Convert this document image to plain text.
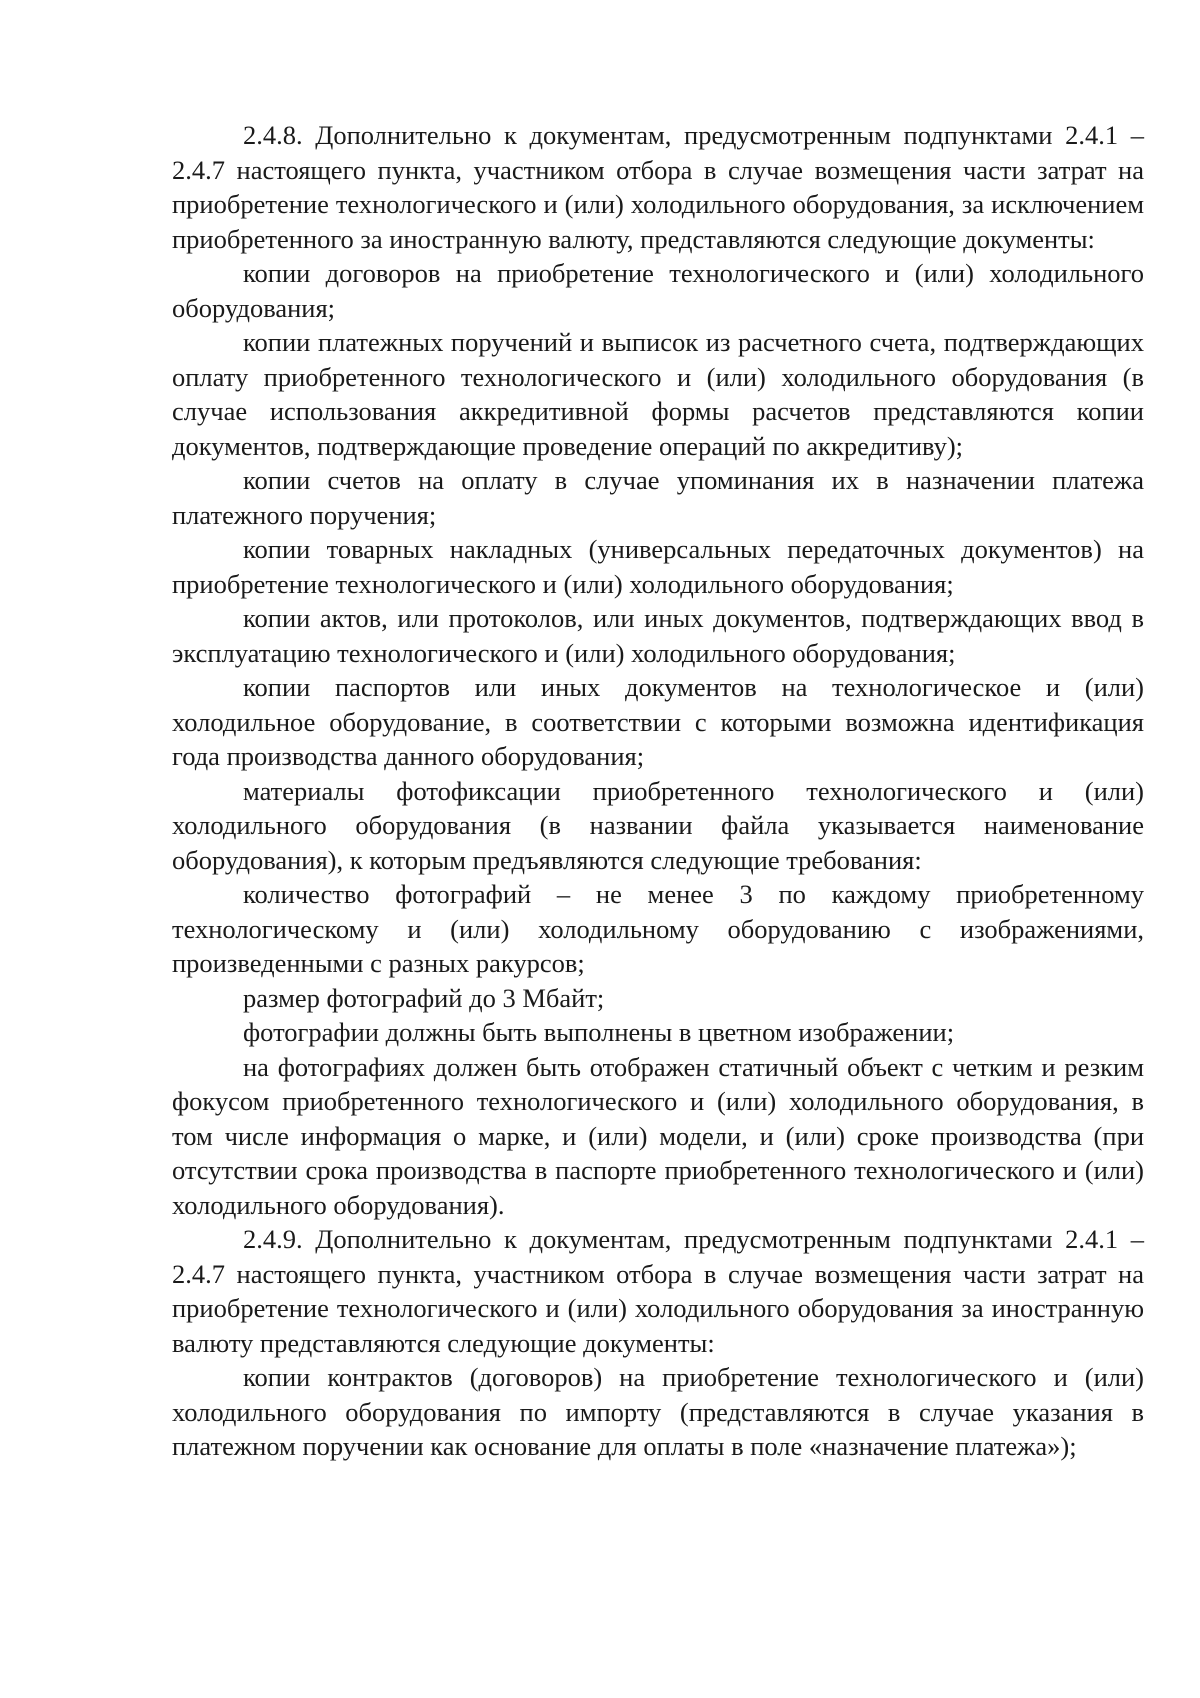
2.4.8. Дополнительно к документам, предусмотренным подпунктами 2.4.1 – 2.4.7 настоящего пункта, участником отбора в случае возмещения части затрат на приобретение технологического и (или) холодильного оборудования, за исключением приобретенного за иностранную валюту, представляются следующие документы:

копии договоров на приобретение технологического и (или) холодильного оборудования;

копии платежных поручений и выписок из расчетного счета, подтверждающих оплату приобретенного технологического и (или) холодильного оборудования (в случае использования аккредитивной формы расчетов представляются копии документов, подтверждающие проведение операций по аккредитиву);

копии счетов на оплату в случае упоминания их в назначении платежа платежного поручения;

копии товарных накладных (универсальных передаточных документов) на приобретение технологического и (или) холодильного оборудования;

копии актов, или протоколов, или иных документов, подтверждающих ввод в эксплуатацию технологического и (или) холодильного оборудования;

копии паспортов или иных документов на технологическое и (или) холодильное оборудование, в соответствии с которыми возможна идентификация года производства данного оборудования;

материалы фотофиксации приобретенного технологического и (или) холодильного оборудования (в названии файла указывается наименование оборудования), к которым предъявляются следующие требования:

количество фотографий – не менее 3 по каждому приобретенному технологическому и (или) холодильному оборудованию с изображениями, произведенными с разных ракурсов;

размер фотографий до 3 Мбайт;

фотографии должны быть выполнены в цветном изображении;

на фотографиях должен быть отображен статичный объект с четким и резким фокусом приобретенного технологического и (или) холодильного оборудования, в том числе информация о марке, и (или) модели, и (или) сроке производства (при отсутствии срока производства в паспорте приобретенного технологического и (или) холодильного оборудования).

2.4.9. Дополнительно к документам, предусмотренным подпунктами 2.4.1 – 2.4.7 настоящего пункта, участником отбора в случае возмещения части затрат на приобретение технологического и (или) холодильного оборудования за иностранную валюту представляются следующие документы:

копии контрактов (договоров) на приобретение технологического и (или) холодильного оборудования по импорту (представляются в случае указания в платежном поручении как основание для оплаты в поле «назначение платежа»);
